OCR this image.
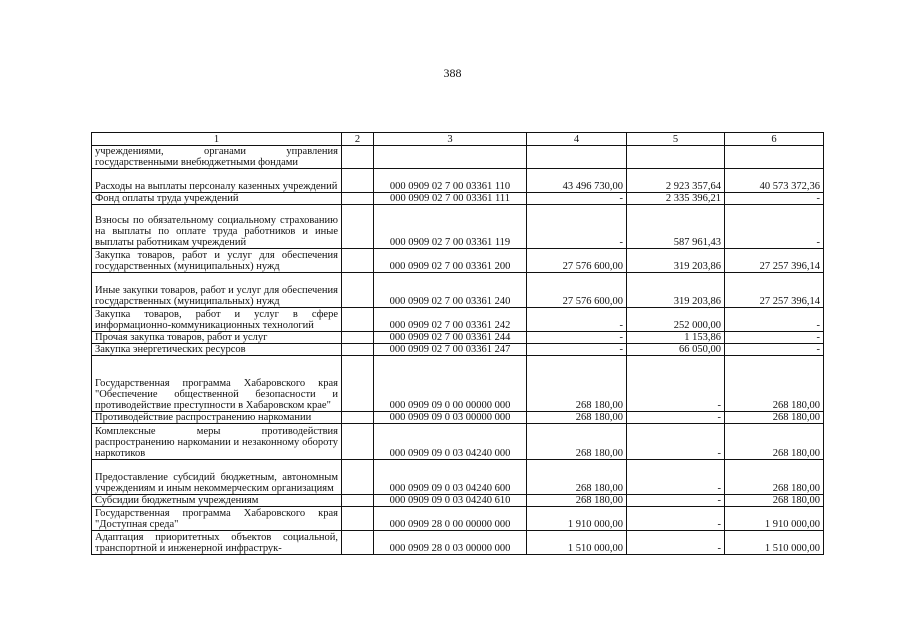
388
1	2	3	4	5	6
учреждениями, органами управления государственными внебюджетными фондами					
Расходы на выплаты персоналу казенных учреждений		000 0909 02 7 00 03361 110	43 496 730,00	2 923 357,64	40 573 372,36
Фонд оплаты труда учреждений		000 0909 02 7 00 03361 111	-	2 335 396,21	-
Взносы по обязательному социальному страхованию на выплаты по оплате труда работников и иные выплаты работникам учреждений		000 0909 02 7 00 03361 119	-	587 961,43	-
Закупка товаров, работ и услуг для обеспечения государственных (муниципальных) нужд		000 0909 02 7 00 03361 200	27 576 600,00	319 203,86	27 257 396,14
Иные закупки товаров, работ и услуг для обеспечения государственных (муниципальных) нужд		000 0909 02 7 00 03361 240	27 576 600,00	319 203,86	27 257 396,14
Закупка товаров, работ и услуг в сфере информационно-коммуникационных технологий		000 0909 02 7 00 03361 242	-	252 000,00	-
Прочая закупка товаров, работ и услуг		000 0909 02 7 00 03361 244	-	1 153,86	-
Закупка энергетических ресурсов		000 0909 02 7 00 03361 247	-	66 050,00	-
Государственная программа Хабаровского края "Обеспечение общественной безопасности и противодействие преступности в Хабаровском крае"		000 0909 09 0 00 00000 000	268 180,00	-	268 180,00
Противодействие распространению наркомании		000 0909 09 0 03 00000 000	268 180,00	-	268 180,00
Комплексные меры противодействия распространению наркомании и незаконному обороту наркотиков		000 0909 09 0 03 04240 000	268 180,00	-	268 180,00
Предоставление субсидий бюджетным, автономным учреждениям и иным некоммерческим организациям		000 0909 09 0 03 04240 600	268 180,00	-	268 180,00
Субсидии бюджетным учреждениям		000 0909 09 0 03 04240 610	268 180,00	-	268 180,00
Государственная программа Хабаровского края "Доступная среда"		000 0909 28 0 00 00000 000	1 910 000,00	-	1 910 000,00
Адаптация приоритетных объектов социальной, транспортной и инженерной инфраструк-		000 0909 28 0 03 00000 000	1 510 000,00	-	1 510 000,00
